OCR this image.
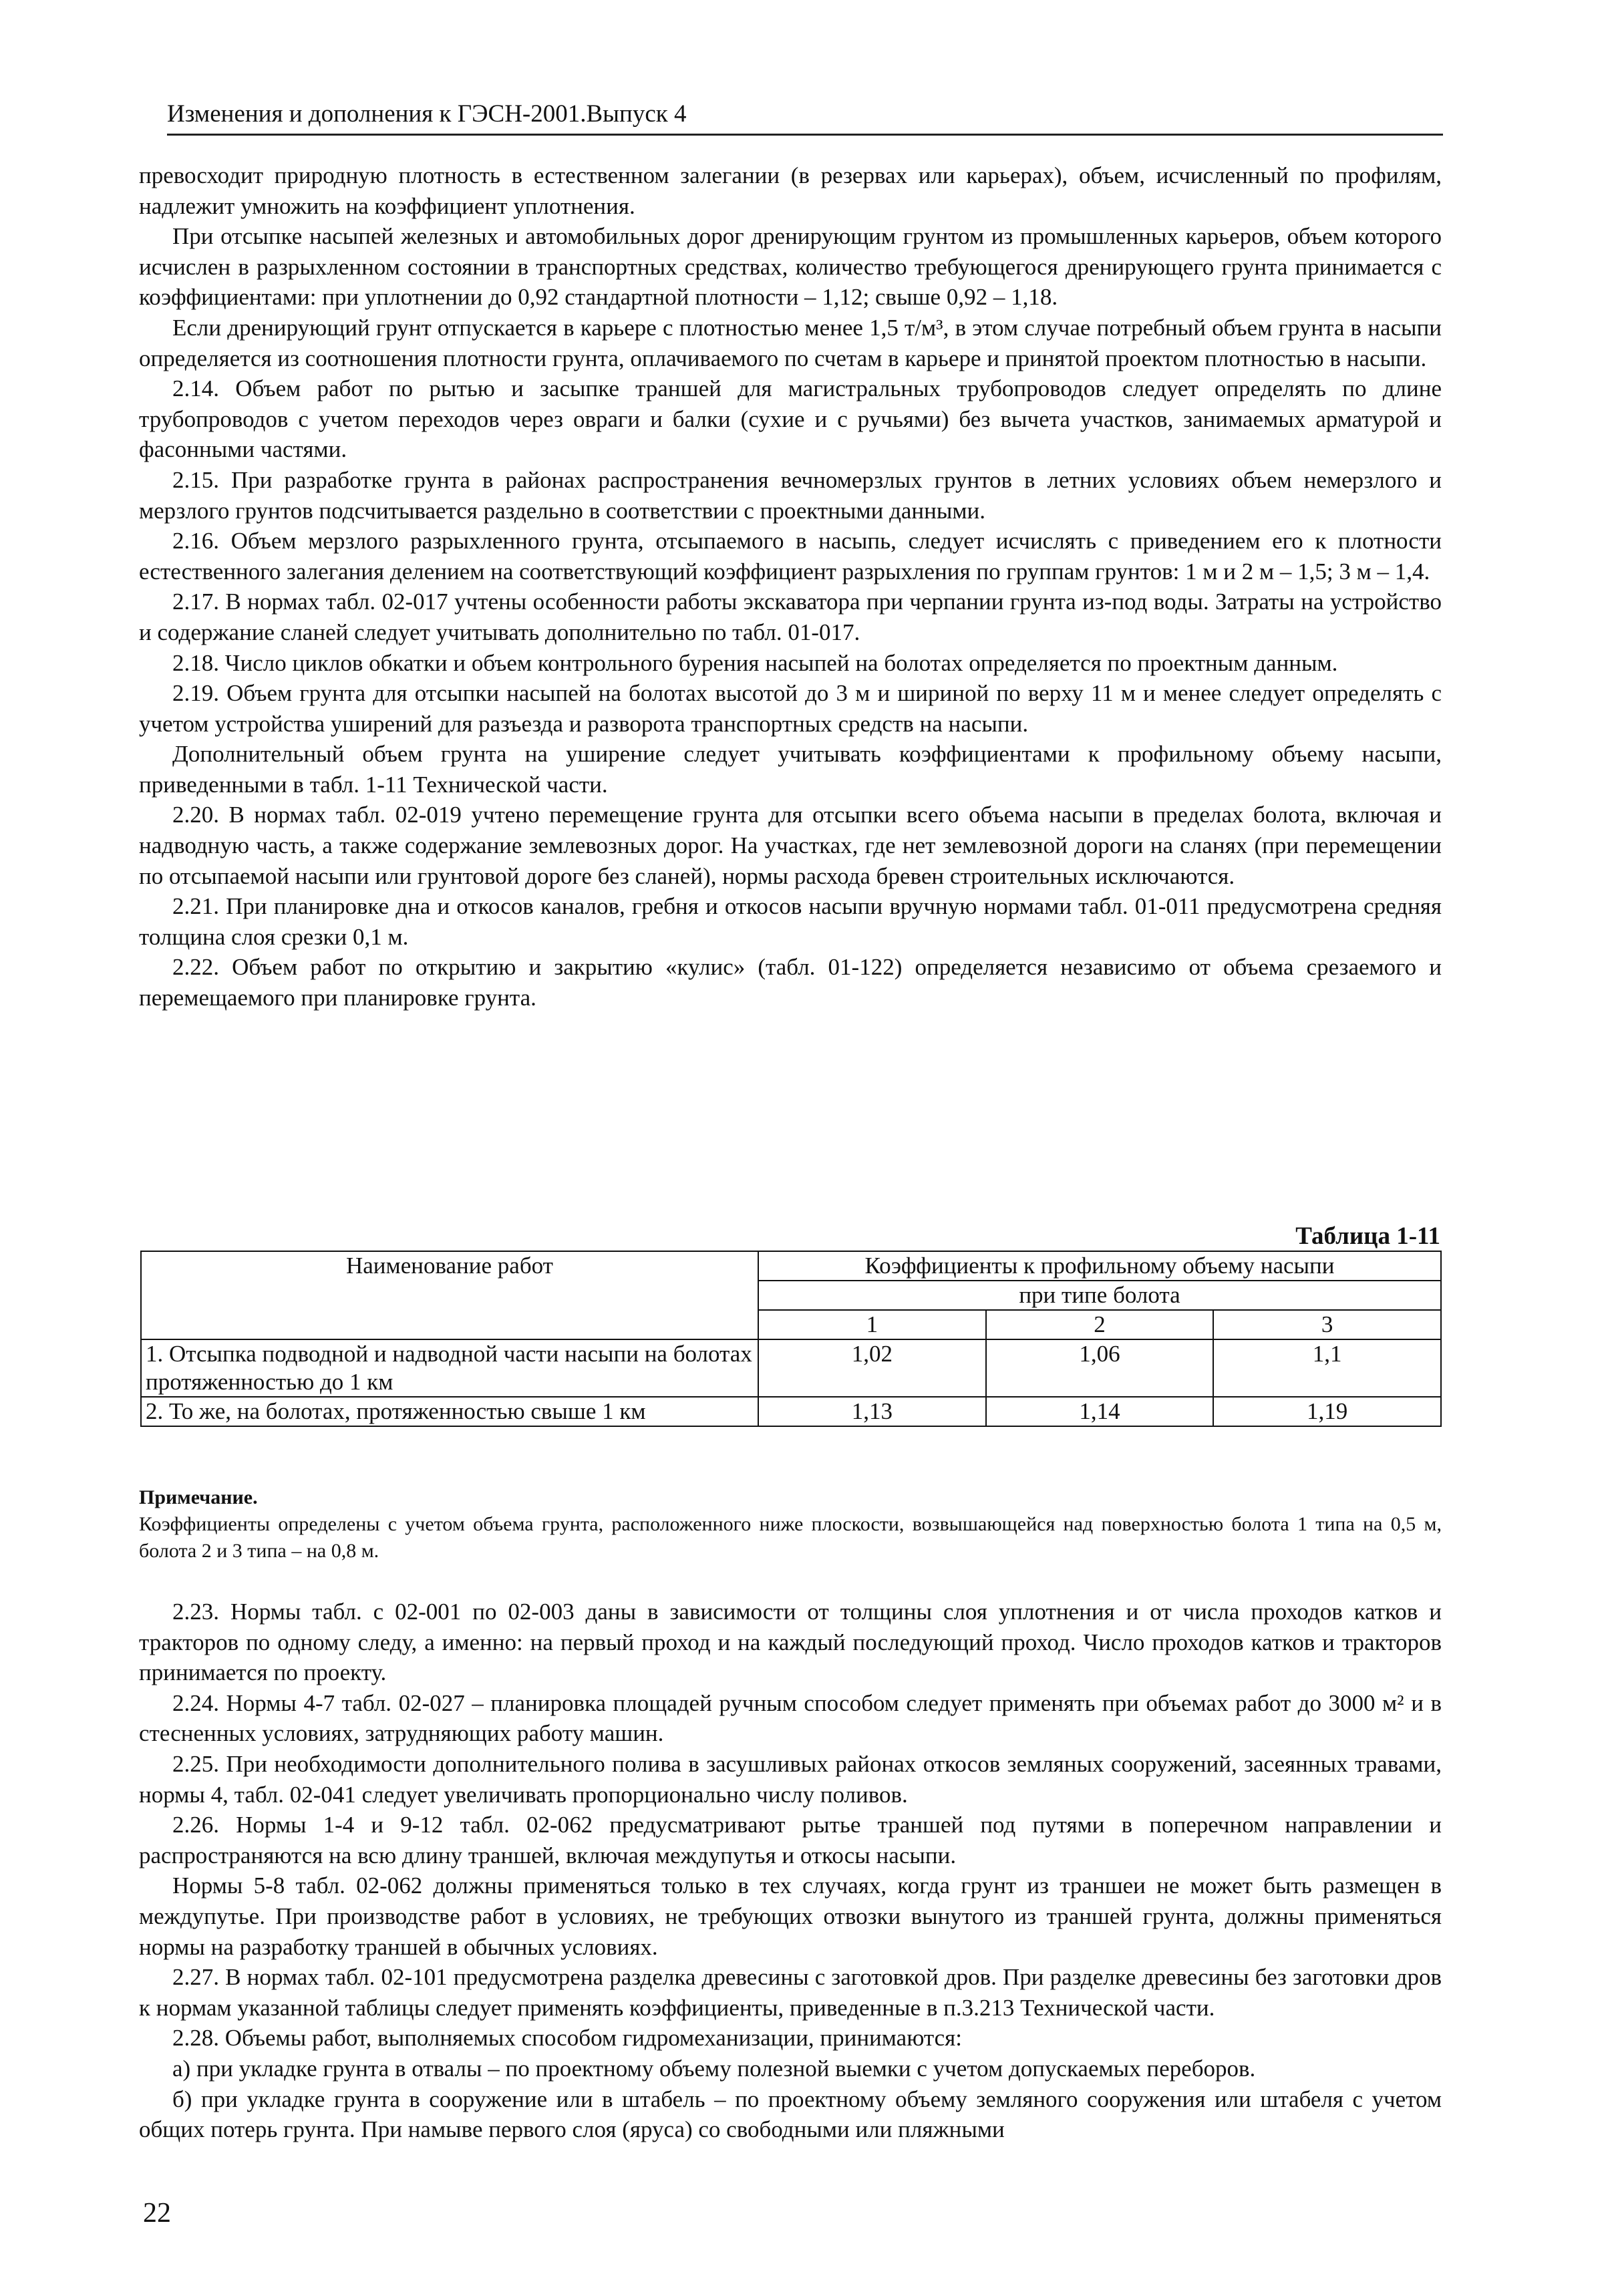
Изменения и дополнения к ГЭСН-2001.Выпуск 4

превосходит природную плотность в естественном залегании (в резервах или карьерах), объем, исчисленный по профилям, надлежит умножить на коэффициент уплотнения.

При отсыпке насыпей железных и автомобильных дорог дренирующим грунтом из промышленных карьеров, объем которого исчислен в разрыхленном состоянии в транспортных средствах, количество требующегося дренирующего грунта принимается с коэффициентами: при уплотнении до 0,92 стандартной плотности – 1,12; свыше 0,92 – 1,18.

Если дренирующий грунт отпускается в карьере с плотностью менее 1,5 т/м³, в этом случае потребный объем грунта в насыпи определяется из соотношения плотности грунта, оплачиваемого по счетам в карьере и принятой проектом плотностью в насыпи.

2.14. Объем работ по рытью и засыпке траншей для магистральных трубопроводов следует определять по длине трубопроводов с учетом переходов через овраги и балки (сухие и с ручьями) без вычета участков, занимаемых арматурой и фасонными частями.

2.15. При разработке грунта в районах распространения вечномерзлых грунтов в летних условиях объем немерзлого и мерзлого грунтов подсчитывается раздельно в соответствии с проектными данными.

2.16. Объем мерзлого разрыхленного грунта, отсыпаемого в насыпь, следует исчислять с приведением его к плотности естественного залегания делением на соответствующий коэффициент разрыхления по группам грунтов: 1 м и 2 м – 1,5; 3 м – 1,4.

2.17. В нормах табл. 02-017 учтены особенности работы экскаватора при черпании грунта из-под воды. Затраты на устройство и содержание сланей следует учитывать дополнительно по табл. 01-017.

2.18. Число циклов обкатки и объем контрольного бурения насыпей на болотах определяется по проектным данным.

2.19. Объем грунта для отсыпки насыпей на болотах высотой до 3 м и шириной по верху 11 м и менее следует определять с учетом устройства уширений для разъезда и разворота транспортных средств на насыпи.

Дополнительный объем грунта на уширение следует учитывать коэффициентами к профильному объему насыпи, приведенными в табл. 1-11 Технической части.

2.20. В нормах табл. 02-019 учтено перемещение грунта для отсыпки всего объема насыпи в пределах болота, включая и надводную часть, а также содержание землевозных дорог. На участках, где нет землевозной дороги на сланях (при перемещении по отсыпаемой насыпи или грунтовой дороге без сланей), нормы расхода бревен строительных исключаются.

2.21. При планировке дна и откосов каналов, гребня и откосов насыпи вручную нормами табл. 01-011 предусмотрена средняя толщина слоя срезки 0,1 м.

2.22. Объем работ по открытию и закрытию «кулис» (табл. 01-122) определяется независимо от объема срезаемого и перемещаемого при планировке грунта.

Таблица 1-11
Наименование работ	Коэффициенты к профильному объему насыпи		
	при типе болота		
	1	2	3
1. Отсыпка подводной и надводной части насыпи на болотах протяженностью до 1 км	1,02	1,06	1,1
2. То же, на болотах, протяженностью свыше 1 км	1,13	1,14	1,19
Примечание.
Коэффициенты определены с учетом объема грунта, расположенного ниже плоскости, возвышающейся над поверхностью болота 1 типа на 0,5 м, болота 2 и 3 типа – на 0,8 м.

2.23. Нормы табл. с 02-001 по 02-003 даны в зависимости от толщины слоя уплотнения и от числа проходов катков и тракторов по одному следу, а именно: на первый проход и на каждый последующий проход. Число проходов катков и тракторов принимается по проекту.

2.24. Нормы 4-7 табл. 02-027 – планировка площадей ручным способом следует применять при объемах работ до 3000 м² и в стесненных условиях, затрудняющих работу машин.

2.25. При необходимости дополнительного полива в засушливых районах откосов земляных сооружений, засеянных травами, нормы 4, табл. 02-041 следует увеличивать пропорционально числу поливов.

2.26. Нормы 1-4 и 9-12 табл. 02-062 предусматривают рытье траншей под путями в поперечном направлении и распространяются на всю длину траншей, включая междупутья и откосы насыпи.

Нормы 5-8 табл. 02-062 должны применяться только в тех случаях, когда грунт из траншеи не может быть размещен в междупутье. При производстве работ в условиях, не требующих отвозки вынутого из траншей грунта, должны применяться нормы на разработку траншей в обычных условиях.

2.27. В нормах табл. 02-101 предусмотрена разделка древесины с заготовкой дров. При разделке древесины без заготовки дров к нормам указанной таблицы следует применять коэффициенты, приведенные в п.3.213 Технической части.

2.28. Объемы работ, выполняемых способом гидромеханизации, принимаются:

а) при укладке грунта в отвалы – по проектному объему полезной выемки с учетом допускаемых переборов.

б) при укладке грунта в сооружение или в штабель – по проектному объему земляного сооружения или штабеля с учетом общих потерь грунта. При намыве первого слоя (яруса) со свободными или пляжными

22
